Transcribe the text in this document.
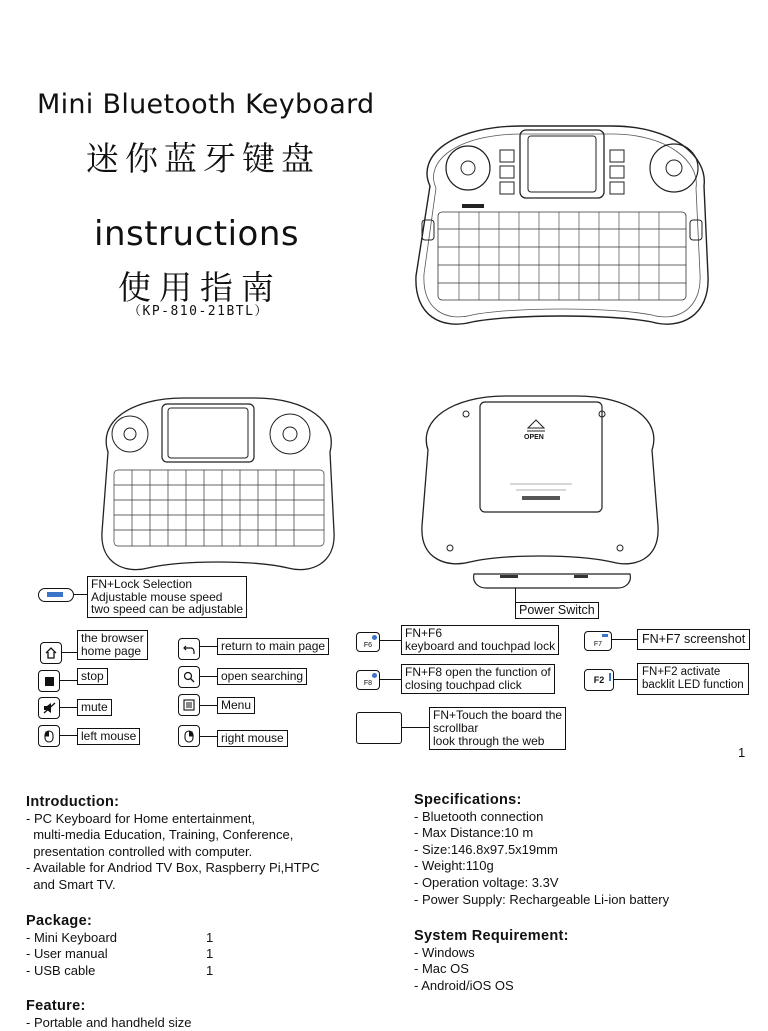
Mini Bluetooth Keyboard
迷你蓝牙键盘
instructions
使用指南
（KP-810-21BTL）
OPEN
Power Switch
FN+Lock Selection
Adjustable mouse speed
two speed can be adjustable
the browser
home page
stop
mute
left mouse
return to main page
open searching
Menu
right mouse
F6
FN+F6
keyboard and touchpad lock
F8
FN+F8 open the function of
closing touchpad click
FN+Touch the board the
scrollbar
look through the web
F7	FN+F7 screenshot
F2
FN+F2 activate
backlit LED function
1
Introduction:
- PC Keyboard for Home entertainment,
multi-media Education, Training, Conference,
presentation controlled with computer.
- Available for Andriod TV Box, Raspberry Pi,HTPC
and Smart TV.
Package:
- Mini Keyboard	1
- User manual	1
- USB cable	1
Feature:
- Portable and handheld size
Specifications:
- Bluetooth connection
- Max Distance:10 m
- Size:146.8x97.5x19mm
- Weight:110g
- Operation voltage: 3.3V
- Power Supply: Rechargeable Li-ion battery
System Requirement:
- Windows
- Mac OS
- Android/iOS OS
